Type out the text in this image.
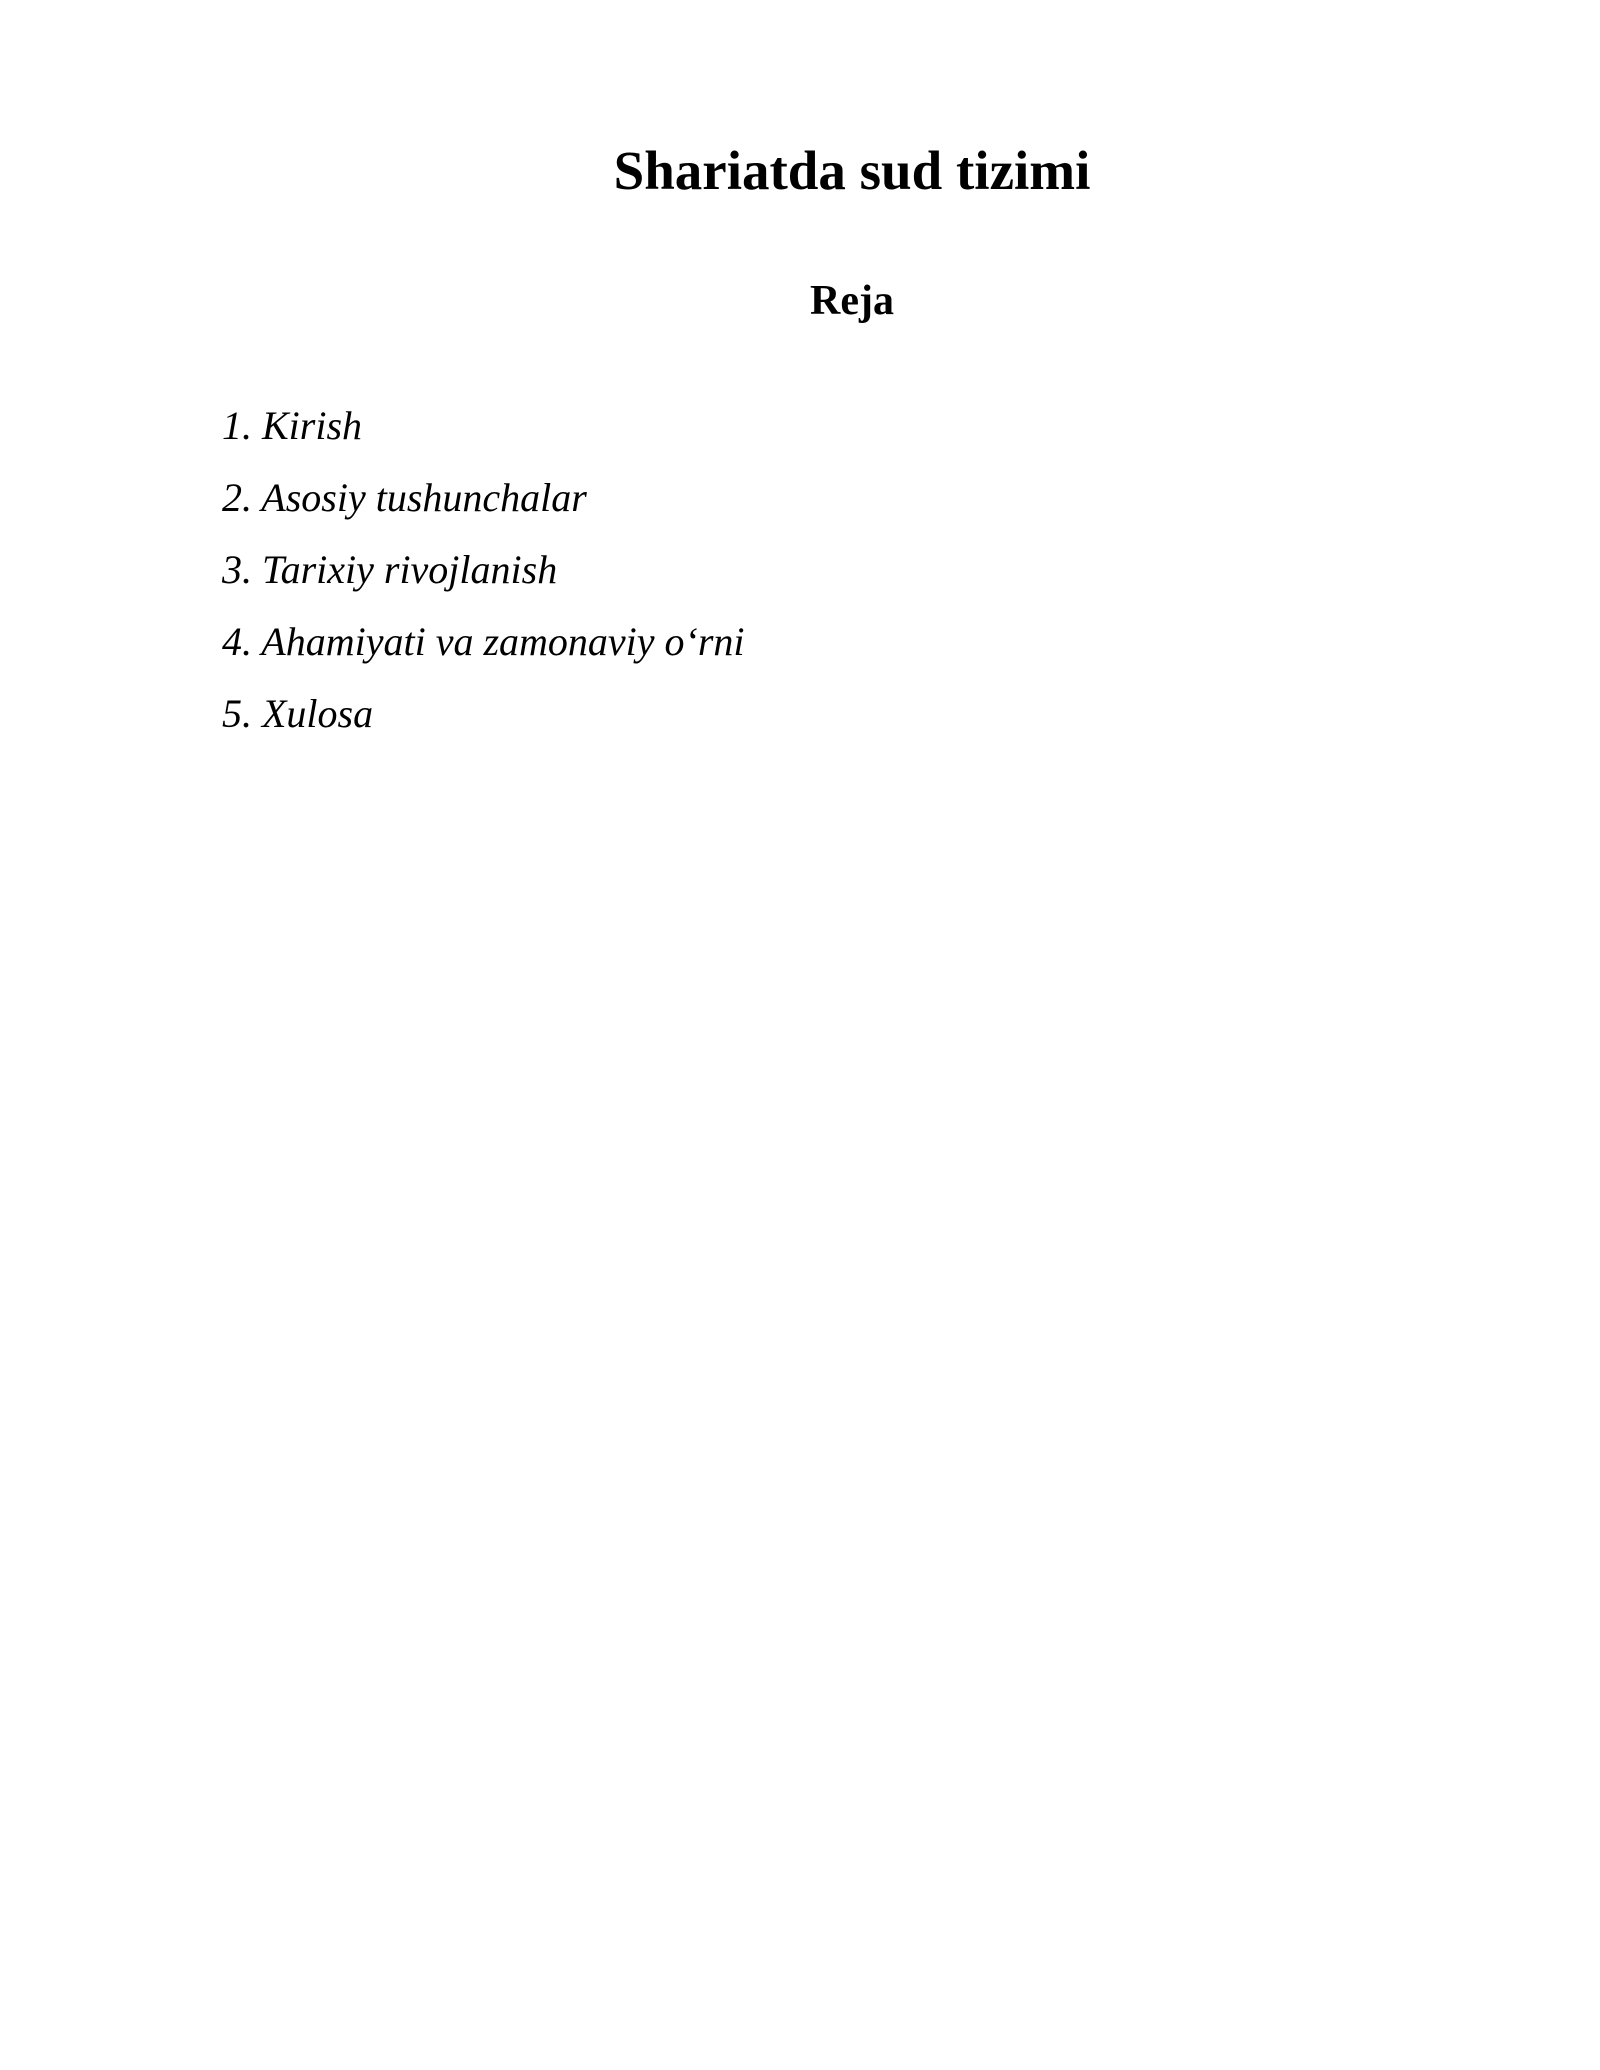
Shariatda sud tizimi
Reja
1. Kirish
2. Asosiy tushunchalar
3. Tarixiy rivojlanish
4. Ahamiyati va zamonaviy o‘rni
5. Xulosa
